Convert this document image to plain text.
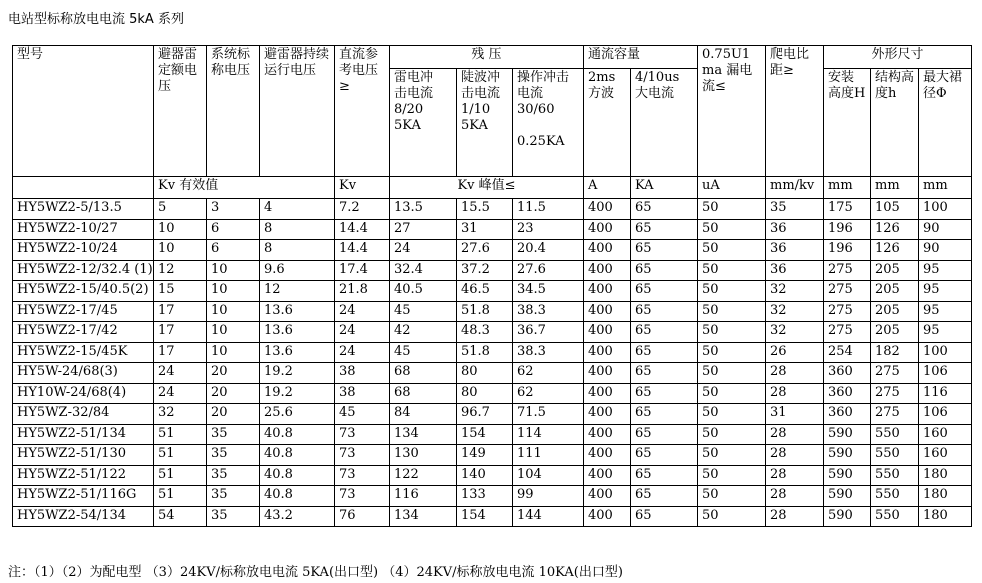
电站型标称放电电流 5kA 系列
型号	避器雷定额电压	系统标称电压	避雷器持续运行电压	直流参考电压≥	残 压			通流容量		0.75U1ma 漏电流≤	爬电比距≥	外形尺寸		

					雷电冲
击电流
8/20
5KA	陡波冲
击电流
1/10
5KA	操作冲击
电流
30/60
0.25KA	2ms
方波	4/10us
大电流			安装高度H	结构高度h	最大裙径Φ
	Kv 有效值			Kv	Kv 峰值≤			A	KA	uA	mm/kv	mm	mm	mm
HY5WZ2-5/13.5	5	3	4	7.2	13.5	15.5	11.5	400	65	50	35	175	105	100
HY5WZ2-10/27	10	6	8	14.4	27	31	23	400	65	50	36	196	126	90
HY5WZ2-10/24	10	6	8	14.4	24	27.6	20.4	400	65	50	36	196	126	90
HY5WZ2-12/32.4 (1)	12	10	9.6	17.4	32.4	37.2	27.6	400	65	50	36	275	205	95
HY5WZ2-15/40.5(2)	15	10	12	21.8	40.5	46.5	34.5	400	65	50	32	275	205	95
HY5WZ2-17/45	17	10	13.6	24	45	51.8	38.3	400	65	50	32	275	205	95
HY5WZ2-17/42	17	10	13.6	24	42	48.3	36.7	400	65	50	32	275	205	95
HY5WZ2-15/45K	17	10	13.6	24	45	51.8	38.3	400	65	50	26	254	182	100
HY5W-24/68(3)	24	20	19.2	38	68	80	62	400	65	50	28	360	275	106
HY10W-24/68(4)	24	20	19.2	38	68	80	62	400	65	50	28	360	275	116
HY5WZ-32/84	32	20	25.6	45	84	96.7	71.5	400	65	50	31	360	275	106
HY5WZ2-51/134	51	35	40.8	73	134	154	114	400	65	50	28	590	550	160
HY5WZ2-51/130	51	35	40.8	73	130	149	111	400	65	50	28	590	550	160
HY5WZ2-51/122	51	35	40.8	73	122	140	104	400	65	50	28	590	550	180
HY5WZ2-51/116G	51	35	40.8	73	116	133	99	400	65	50	28	590	550	180
HY5WZ2-54/134	54	35	43.2	76	134	154	144	400	65	50	28	590	550	180
注：（1）（2）为配电型 （3）24KV/标称放电电流 5KA(出口型) （4）24KV/标称放电电流 10KA(出口型)
